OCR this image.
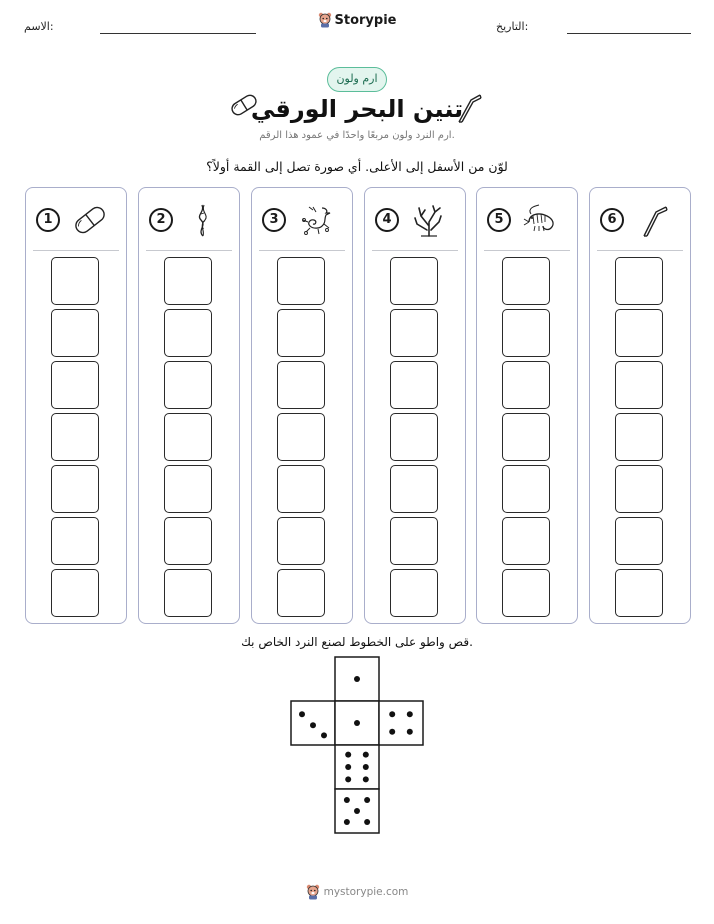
الاسم:	التاريخ:
Storypie
ارم ولون
تنين البحر الورقي
ارم النرد ولون مربعًا واحدًا في عمود هذا الرقم.
لوّن من الأسفل إلى الأعلى. أي صورة تصل إلى القمة أولاً؟
1	2	3	4	5	6
قص واطو على الخطوط لصنع النرد الخاص بك.
mystorypie.com
